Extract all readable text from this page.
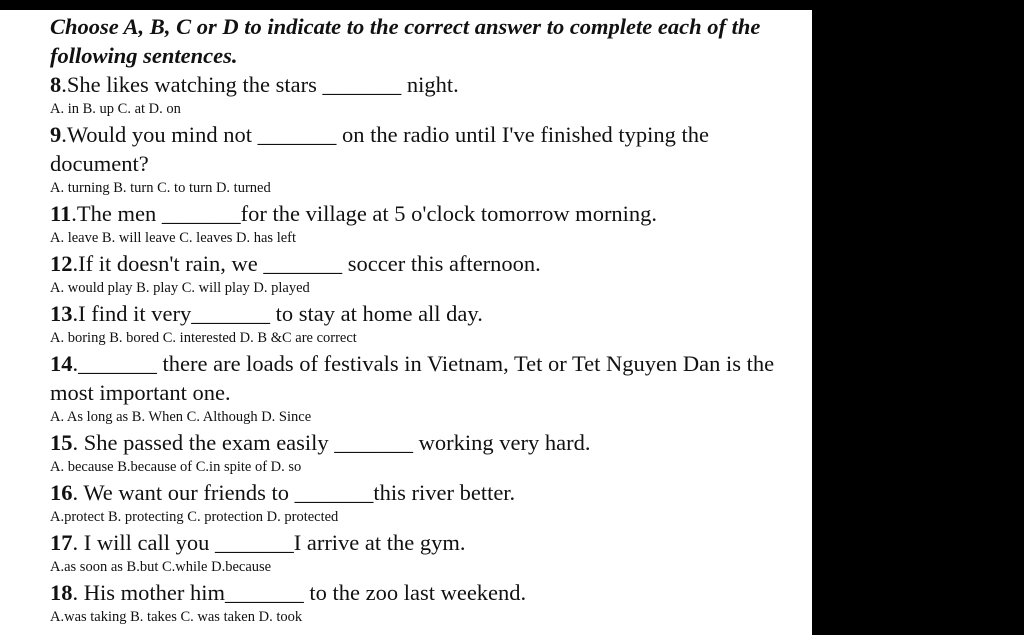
Choose A, B, C or D to indicate to the correct answer to complete each of the following sentences.
8.She likes watching the stars _______ night.
A. in B. up C. at D. on
9.Would you mind not _______ on the radio until I've finished typing the document?
A. turning B. turn C. to turn D. turned
11.The men _______for the village at 5 o'clock tomorrow morning.
A. leave B. will leave C. leaves D. has left
12.If it doesn't rain, we _______ soccer this afternoon.
A. would play B. play C. will play D. played
13.I find it very_______ to stay at home all day.
A. boring B. bored C. interested D. B &C are correct
14._______ there are loads of festivals in Vietnam, Tet or Tet Nguyen Dan is the most important one.
A. As long as B. When C. Although D. Since
15. She passed the exam easily _______ working very hard.
A. because B.because of C.in spite of D. so
16. We want our friends to _______this river better.
A.protect B. protecting C. protection D. protected
17. I will call you _______I arrive at the gym.
A.as soon as B.but C.while D.because
18. His mother him_______ to the zoo last weekend.
A.was taking B. takes C. was taken D. took
